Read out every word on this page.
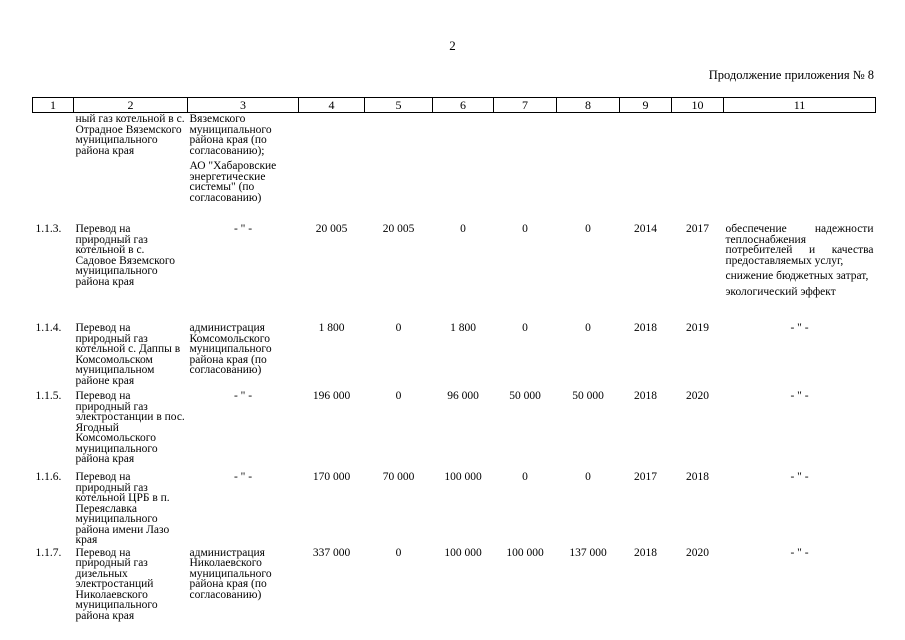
2
Продолжение приложения № 8
1	2	3	4	5	6	7	8	9	10	11
	ный газ котельной в с. Отрадное Вяземского муниципального района края	Вяземского муниципального района края (по согласованию);
АО "Хабаровские энергетические системы" (по согласованию)								

1.1.3.	Перевод на природный газ котельной в с. Садовое Вяземского муниципального района края	- " -	20 005	20 005	0	0	0	2014	2017	обеспечение надежности теплоснабжения потребителей и качества предоставляемых услуг,
снижение бюджетных затрат,
экологический эффект

1.1.4.	Перевод на природный газ котельной с. Даппы в Комсомольском муниципальном районе края	администрация Комсомольского муниципального района края (по согласованию)	1 800	0	1 800	0	0	2018	2019	- " -

1.1.5.	Перевод на природный газ электростанции в пос. Ягодный Комсомольского муниципального района края	- " -	196 000	0	96 000	50 000	50 000	2018	2020	- " -

1.1.6.	Перевод на природный газ котельной ЦРБ в п. Переяславка муниципального района имени Лазо края	- " -	170 000	70 000	100 000	0	0	2017	2018	- " -

1.1.7.	Перевод на природный газ дизельных электростанций Николаевского муниципального района края	администрация Николаевского муниципального района края (по согласованию)	337 000	0	100 000	100 000	137 000	2018	2020	- " -
